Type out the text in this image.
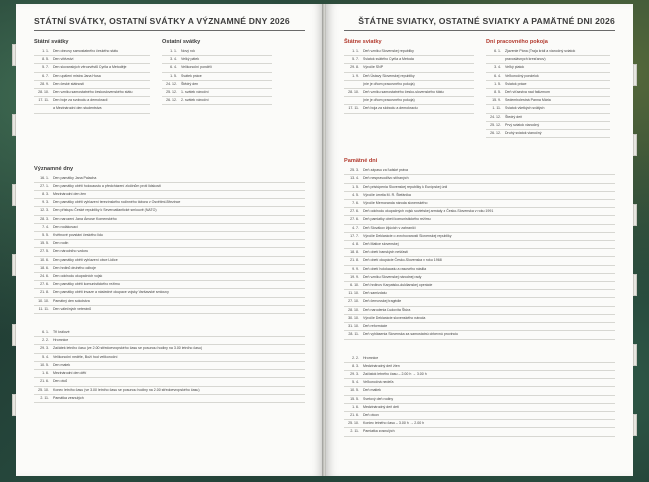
STÁTNÍ SVÁTKY, OSTATNÍ SVÁTKY A VÝZNAMNÉ DNY 2026
Státní svátky
1. 1.	Den obnovy samostatného českého státu
8. 5.	Den vítězství
5. 7.	Den slovanských věrozvěstů Cyrila a Metoděje
6. 7.	Den upálení mistra Jana Husa
28. 9.	Den české státnosti
28. 10.	Den vzniku samostatného československého státu
17. 11.	Den boje za svobodu a demokracii
a Mezinárodní den studentstva
Ostatní svátky
1. 1.	Nový rok
3. 4.	Velký pátek
6. 4.	Velikonoční pondělí
1. 5.	Svátek práce
24. 12.	Štědrý den
25. 12.	1. svátek vánoční
26. 12.	2. svátek vánoční
Významné dny
16. 1.	Den památky Jana Palacha
27. 1.	Den památky obětí holocaustu a předcházení zločinům proti lidskosti
8. 3.	Mezinárodní den žen
9. 3.	Den památky obětí vyhlazení terezínského rodinného tábora v Osvětimi-Březince
12. 3.	Den přístupu České republiky k Severoatlantické smlouvě (NATO)
28. 3.	Den narození Jana Ámose Komenského
7. 4.	Den rodákovací
5. 5.	Květnové povstání českého lidu
15. 5.	Den rodin
27. 5.	Den národního vzdoru
10. 6.	Den památky obětí vyhlazení obce Lidice
18. 6.	Den hrdinů druhého odboje
24. 6.	Den odchodu okupačních vojsk
27. 6.	Den památky obětí komunistického režimu
21. 8.	Den památky obětí invaze a následné okupace vojsky Varšavské smlouvy
10. 10.	Památný den sokolstva
11. 11.	Den válečných veteránů
6. 1.	Tři králové
2. 2.	Hromnice
29. 3.	Začátek letního času (ve 2.00 středoevropského času se posunou hodiny na 3.00 letního času)
5. 4.	Velikonoční neděle, Boží hod velikonoční
10. 5.	Den matek
1. 6.	Mezinárodní den dětí
21. 6.	Den otců
25. 10.	Konec letního času (ve 3.00 letního času se posunou hodiny na 2.00 středoevropského času)
2. 11.	Památka zesnulých
ŠTÁTNE SVIATKY, OSTATNÉ SVIATKY A PAMÄTNÉ DNI 2026
Štátne sviatky
1. 1.	Deň vzniku Slovenskej republiky
5. 7.	Sviatok svätého Cyrila a Metoda
29. 8.	Výročie SNP
1. 9.	Deň Ústavy Slovenskej republiky
(nie je dňom pracovného pokoja)
28. 10.	Deň vzniku samostatného česko-slovenského štátu
(nie je dňom pracovného pokoja)
17. 11.	Deň boja za slobodu a demokraciu
Dni pracovného pokoja
6. 1.	Zjavenie Pána (Traja králi a vianočný sviatok
pravoslávnych kresťanov)
3. 4.	Veľký piatok
6. 4.	Veľkonočný pondelok
1. 5.	Sviatok práce
8. 5.	Deň víťazstva nad fašizmom
15. 9.	Sedembolestná Panna Mária
1. 11.	Sviatok všetkých svätých
24. 12.	Štedrý deň
25. 12.	Prvý sviatok vianočný
26. 12.	Druhý sviatok vianočný
Pamätné dni
25. 3.	Deň zápasu za ľudské práva
13. 4.	Deň nespravodlivo stíhaných
1. 5.	Deň pristúpenia Slovenskej republiky k Európskej únii
4. 5.	Výročie úmrtia M. R. Štefánika
7. 6.	Výročie Memoranda národa slovenského
27. 6.	Deň odchodu okupačných vojsk sovietskej armády z Česko-Slovenska v roku 1991
27. 6.	Deň pamiatky obetí komunistického režimu
4. 7.	Deň Slovákov žijúcich v zahraničí
17. 7.	Výročie Deklarácie o zvrchovanosti Slovenskej republiky
4. 8.	Deň Matice slovenskej
18. 8.	Deň obetí banských nešťastí
21. 8.	Deň obetí okupácie Česko-Slovenska v roku 1968
9. 9.	Deň obetí holokaustu a rasového násilia
19. 9.	Deň vzniku Slovenskej národnej rady
6. 10.	Deň hrdinov Karpatsko-duklianskej operácie
11. 10.	Deň samizdatu
27. 10.	Deň černovskej tragédie
28. 10.	Deň narodenia Ľudovíta Štúra
30. 10.	Výročie Deklarácie slovenského národa
31. 10.	Deň reformácie
28. 11.	Deň vyhlásenia Slovenska za samostatnú cirkevnú provinciu
2. 2.	Hromnice
8. 3.	Medzinárodný deň žien
29. 3.	Začiatok letného času – 2.00 h → 3.00 h
5. 4.	Veľkonočná nedeľa
10. 5.	Deň matiek
15. 5.	Svetový deň rodiny
1. 6.	Medzinárodný deň detí
21. 6.	Deň otcov
25. 10.	Koniec letného času – 3.00 h → 2.00 h
2. 11.	Pamiatka zosnulých
